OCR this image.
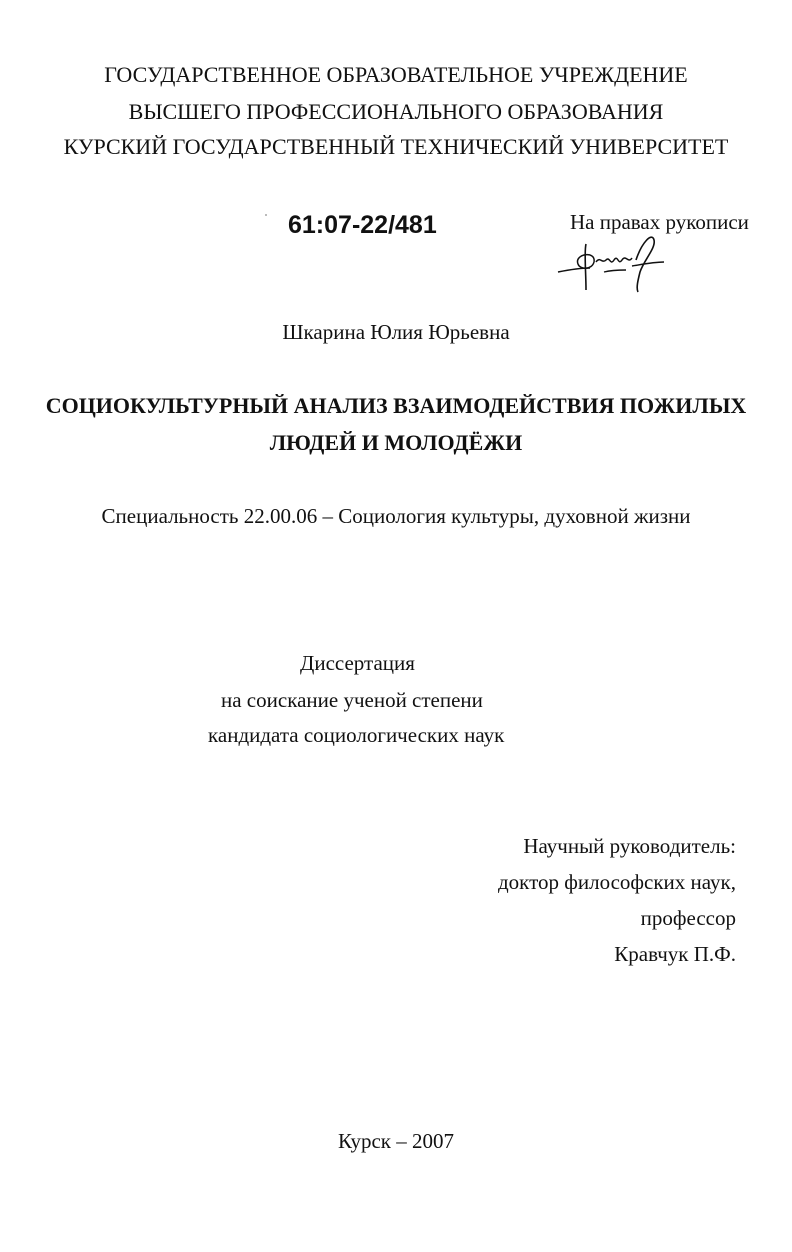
ГОСУДАРСТВЕННОЕ ОБРАЗОВАТЕЛЬНОЕ УЧРЕЖДЕНИЕ
ВЫСШЕГО ПРОФЕССИОНАЛЬНОГО ОБРАЗОВАНИЯ
КУРСКИЙ ГОСУДАРСТВЕННЫЙ ТЕХНИЧЕСКИЙ УНИВЕРСИТЕТ
61:07-22/481	На правах рукописи
Шкарина Юлия Юрьевна
СОЦИОКУЛЬТУРНЫЙ АНАЛИЗ ВЗАИМОДЕЙСТВИЯ ПОЖИЛЫХ
ЛЮДЕЙ И МОЛОДЁЖИ
Специальность 22.00.06 – Социология культуры, духовной жизни
Диссертация
на соискание ученой степени
кандидата социологических наук
Научный руководитель:
доктор философских наук,
профессор
Кравчук П.Ф.
Курск – 2007
